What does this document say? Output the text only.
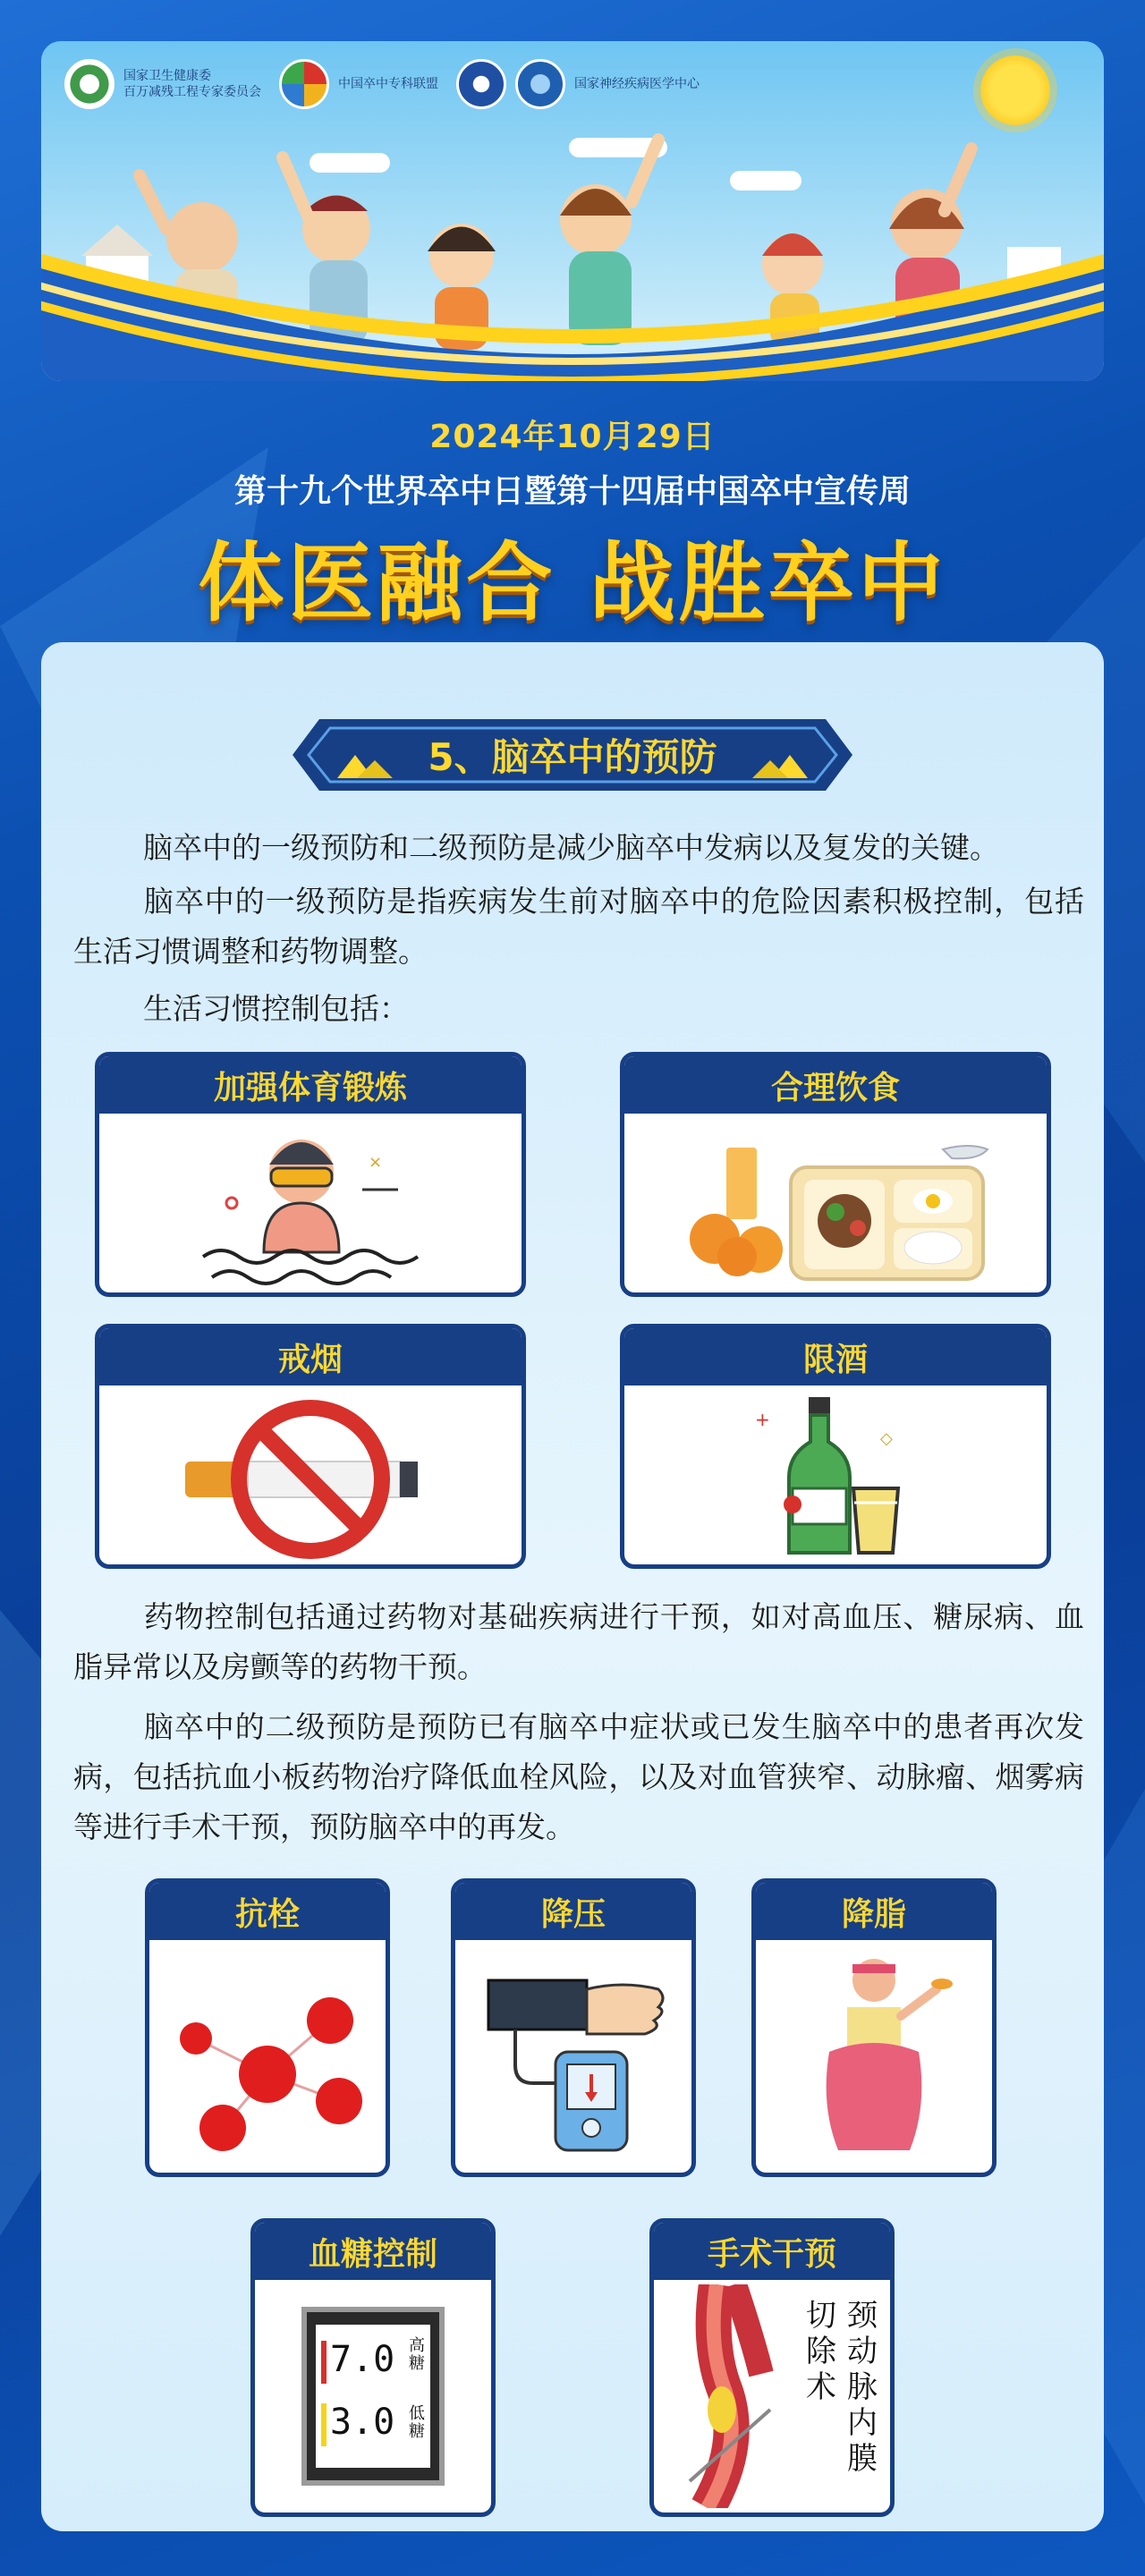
国家卫生健康委
百万减残工程专家委员会
中国卒中专科联盟	国家神经疾病医学中心
2024年10月29日
第十九个世界卒中日暨第十四届中国卒中宣传周
体医融合 战胜卒中
5、脑卒中的预防
脑卒中的一级预防和二级预防是减少脑卒中发病以及复发的关键。
脑卒中的一级预防是指疾病发生前对脑卒中的危险因素积极控制，包括生活习惯调整和药物调整。
生活习惯控制包括：
加强体育锻炼
×
合理饮食
戒烟	限酒
+
◇
药物控制包括通过药物对基础疾病进行干预，如对高血压、糖尿病、血脂异常以及房颤等的药物干预。
脑卒中的二级预防是预防已有脑卒中症状或已发生脑卒中的患者再次发病，包括抗血小板药物治疗降低血栓风险，以及对血管狭窄、动脉瘤、烟雾病等进行手术干预，预防脑卒中的再发。
抗栓	降压	降脂
血糖控制
7.0 高糖
3.0 低糖
手术干预
切除术
颈动脉内膜
